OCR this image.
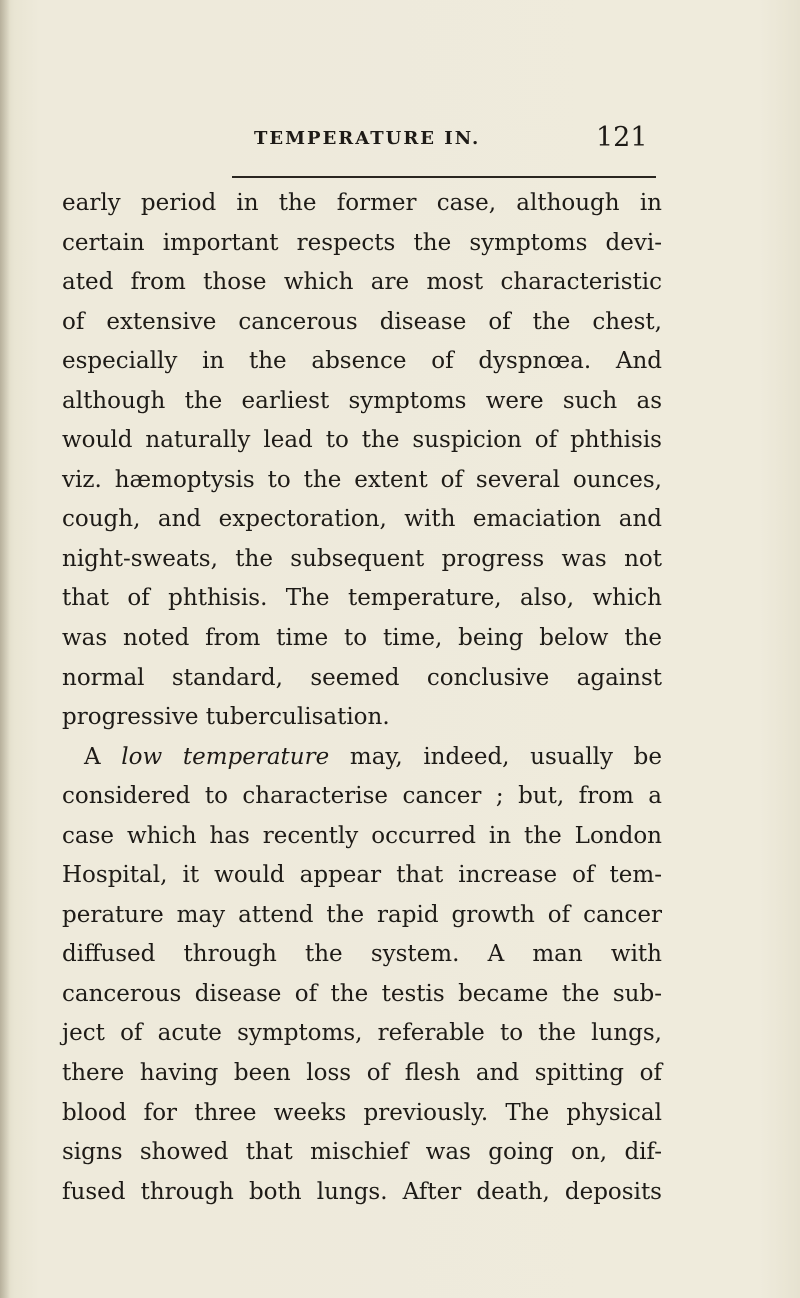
TEMPERATURE IN.	121
early period in the former case, although in
certain important respects the symptoms devi-
ated from those which are most characteristic
of extensive cancerous disease of the chest,
especially in the absence of dyspnœa. And
although the earliest symptoms were such as
would naturally lead to the suspicion of phthisis
viz. hæmoptysis to the extent of several ounces,
cough, and expectoration, with emaciation and
night-sweats, the subsequent progress was not
that of phthisis. The temperature, also, which
was noted from time to time, being below the
normal standard, seemed conclusive against
progressive tuberculisation.
A low temperature may, indeed, usually be
considered to characterise cancer ; but, from a
case which has recently occurred in the London
Hospital, it would appear that increase of tem-
perature may attend the rapid growth of cancer
diffused through the system. A man with
cancerous disease of the testis became the sub-
ject of acute symptoms, referable to the lungs,
there having been loss of flesh and spitting of
blood for three weeks previously. The physical
signs showed that mischief was going on, dif-
fused through both lungs. After death, deposits
